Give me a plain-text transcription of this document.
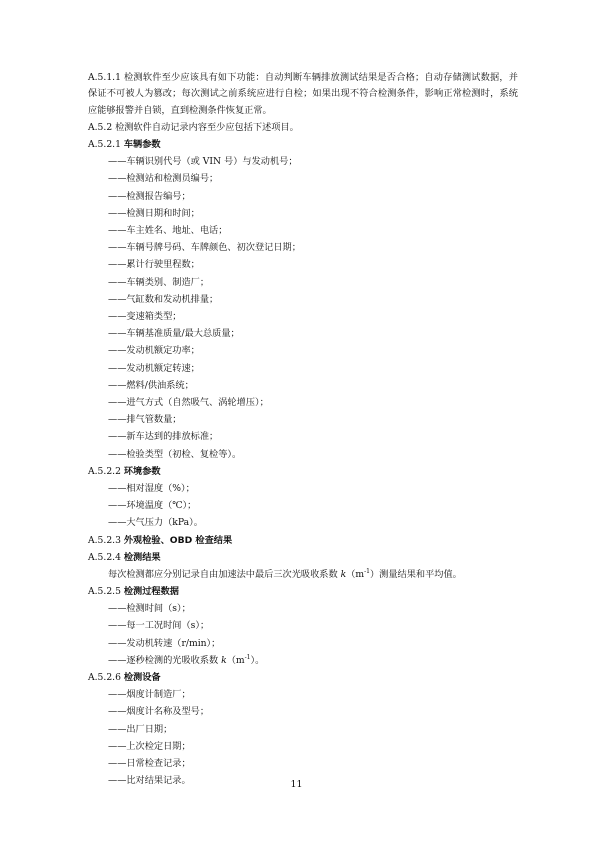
A.5.1.1 检测软件至少应该具有如下功能：自动判断车辆排放测试结果是否合格；自动存储测试数据，并保证不可被人为篡改；每次测试之前系统应进行自检；如果出现不符合检测条件，影响正常检测时，系统应能够报警并自锁，直到检测条件恢复正常。

A.5.2 检测软件自动记录内容至少应包括下述项目。

A.5.2.1 车辆参数

——车辆识别代号（或 VIN 号）与发动机号；

——检测站和检测员编号；

——检测报告编号；

——检测日期和时间；

——车主姓名、地址、电话；

——车辆号牌号码、车牌颜色、初次登记日期；

——累计行驶里程数；

——车辆类别、制造厂；

——气缸数和发动机排量；

——变速箱类型；

——车辆基准质量/最大总质量；

——发动机额定功率；

——发动机额定转速；

——燃料/供油系统；

——进气方式（自然吸气、涡轮增压）；

——排气管数量；

——新车达到的排放标准；

——检验类型（初检、复检等）。

A.5.2.2 环境参数

——相对湿度（%）；

——环境温度（℃）；

——大气压力（kPa）。

A.5.2.3 外观检验、OBD 检查结果

A.5.2.4 检测结果

每次检测都应分别记录自由加速法中最后三次光吸收系数 $k(m^{-1})$测量结果和平均值。

A.5.2.5 检测过程数据

——检测时间（s）；

——每一工况时间（s）；

——发动机转速（r/min）；

——逐秒检测的光吸收系数 $k(m^{-1})$。

A.5.2.6 检测设备

——烟度计制造厂；

——烟度计名称及型号；

——出厂日期；

——上次检定日期；

——日常检查记录；

——比对结果记录。	11
